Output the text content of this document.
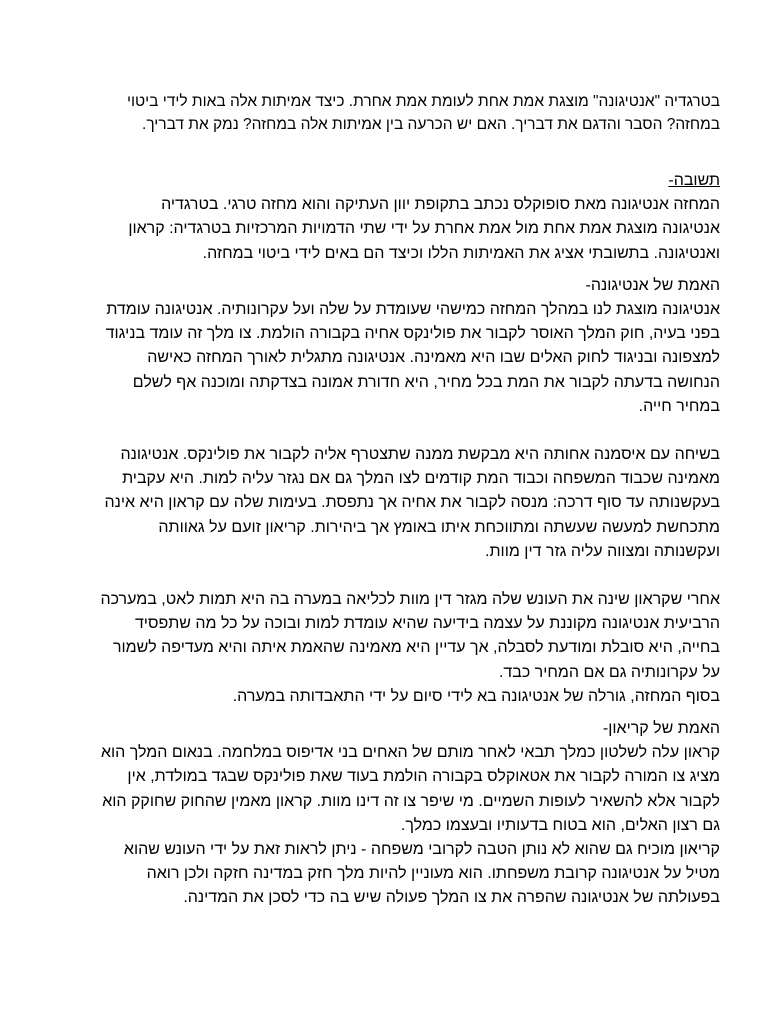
בטרגדיה "אנטיגונה" מוצגת אמת אחת לעומת אמת אחרת. כיצד אמיתות אלה באות לידי ביטוי
במחזה? הסבר והדגם את דבריך. האם יש הכרעה בין אמיתות אלה במחזה? נמק את דבריך.
תשובה-

המחזה אנטיגונה מאת סופוקלס נכתב בתקופת יוון העתיקה והוא מחזה טרגי. בטרגדיה אנטיגונה מוצגת אמת אחת מול אמת אחרת על ידי שתי הדמויות המרכזיות בטרגדיה: קראון ואנטיגונה. בתשובתי אציג את האמיתות הללו וכיצד הם באים לידי ביטוי במחזה.

האמת של אנטיגונה-

אנטיגונה מוצגת לנו במהלך המחזה כמישהי שעומדת על שלה ועל עקרונותיה. אנטיגונה עומדת בפני בעיה, חוק המלך האוסר לקבור את פולינקס אחיה בקבורה הולמת. צו מלך זה עומד בניגוד למצפונה ובניגוד לחוק האלים שבו היא מאמינה. אנטיגונה מתגלית לאורך המחזה כאישה הנחושה בדעתה לקבור את המת בכל מחיר, היא חדורת אמונה בצדקתה ומוכנה אף לשלם במחיר חייה.

בשיחה עם איסמנה אחותה היא מבקשת ממנה שתצטרף אליה לקבור את פולינקס. אנטיגונה מאמינה שכבוד המשפחה וכבוד המת קודמים לצו המלך גם אם נגזר עליה למות. היא עקבית בעקשנותה עד סוף דרכה: מנסה לקבור את אחיה אך נתפסת. בעימות שלה עם קראון היא אינה מתכחשת למעשה שעשתה ומתווכחת איתו באומץ אך ביהירות. קריאון זועם על גאוותה ועקשנותה ומצווה עליה גזר דין מוות.

אחרי שקראון שינה את העונש שלה מגזר דין מוות לכליאה במערה בה היא תמות לאט, במערכה הרביעית אנטיגונה מקוננת על עצמה בידיעה שהיא עומדת למות ובוכה על כל מה שתפסיד בחייה, היא סובלת ומודעת לסבלה, אך עדיין היא מאמינה שהאמת איתה והיא מעדיפה לשמור על עקרונותיה גם אם המחיר כבד.

בסוף המחזה, גורלה של אנטיגונה בא לידי סיום על ידי התאבדותה במערה.

האמת של קריאון-

קראון עלה לשלטון כמלך תבאי לאחר מותם של האחים בני אדיפוס במלחמה. בנאום המלך הוא מציג צו המורה לקבור את אטאוקלס בקבורה הולמת בעוד שאת פולינקס שבגד במולדת, אין לקבור אלא להשאיר לעופות השמיים. מי שיפר צו זה דינו מוות. קראון מאמין שהחוק שחוקק הוא גם רצון האלים, הוא בטוח בדעותיו ובעצמו כמלך.

קריאון מוכיח גם שהוא לא נותן הטבה לקרובי משפחה - ניתן לראות זאת על ידי העונש שהוא מטיל על אנטיגונה קרובת משפחתו. הוא מעוניין להיות מלך חזק במדינה חזקה ולכן רואה בפעולתה של אנטיגונה שהפרה את צו המלך פעולה שיש בה כדי לסכן את המדינה.
